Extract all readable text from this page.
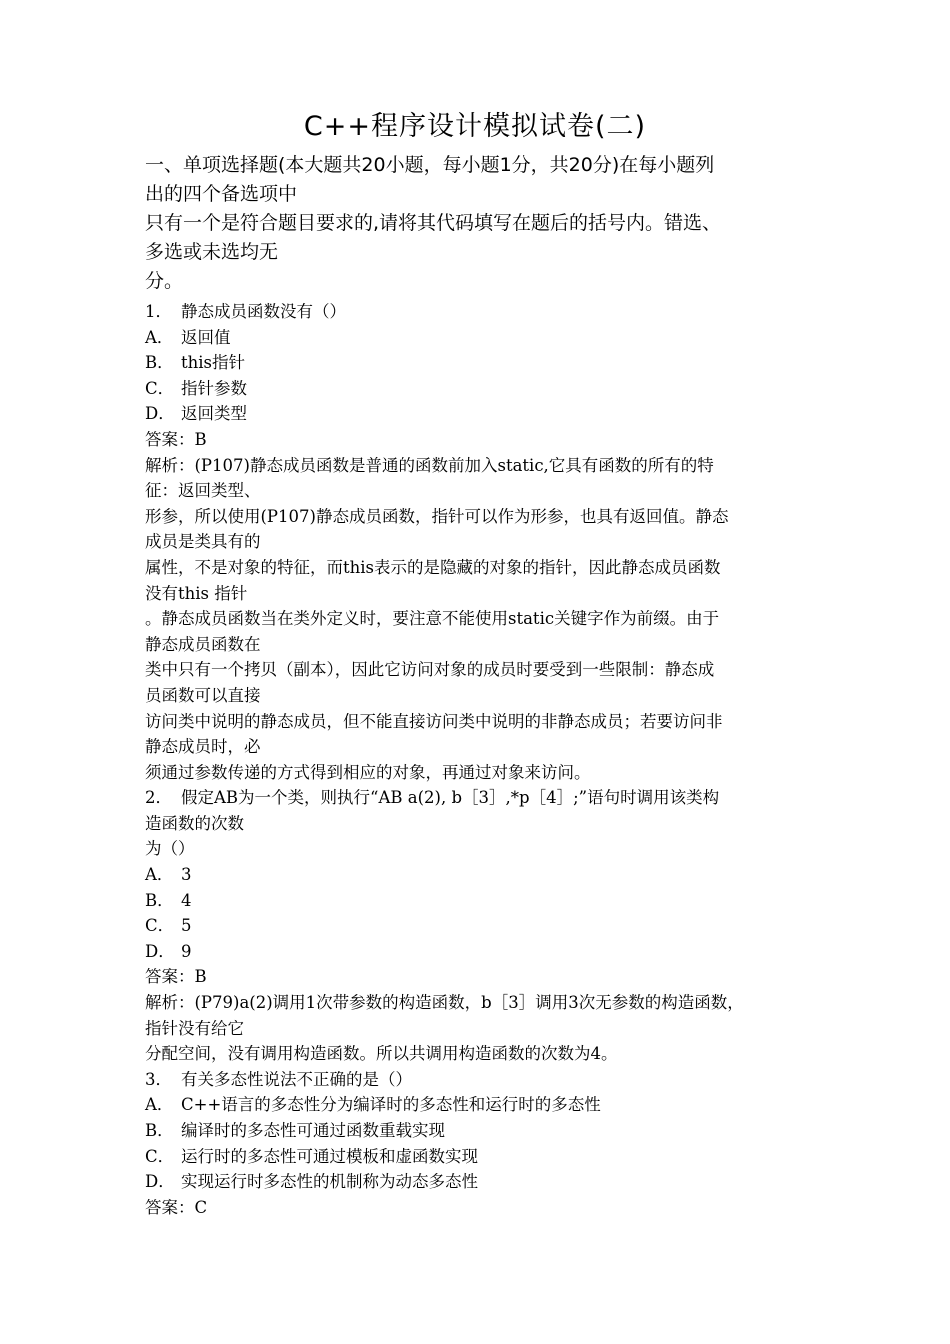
C++程序设计模拟试卷(二)
一、单项选择题(本大题共20小题，每小题1分，共20分)在每小题列
出的四个备选项中
只有一个是符合题目要求的,请将其代码填写在题后的括号内。错选、
多选或未选均无
分。
1． 静态成员函数没有（）
A． 返回值
B． this指针
C． 指针参数
D． 返回类型
答案：B
解析：(P107)静态成员函数是普通的函数前加入static,它具有函数的所有的特
征：返回类型、
形参，所以使用(P107)静态成员函数，指针可以作为形参，也具有返回值。静态
成员是类具有的
属性，不是对象的特征，而this表示的是隐藏的对象的指针，因此静态成员函数
没有this 指针
。静态成员函数当在类外定义时，要注意不能使用static关键字作为前缀。由于
静态成员函数在
类中只有一个拷贝（副本），因此它访问对象的成员时要受到一些限制：静态成
员函数可以直接
访问类中说明的静态成员，但不能直接访问类中说明的非静态成员；若要访问非
静态成员时，必
须通过参数传递的方式得到相应的对象，再通过对象来访问。
2． 假定AB为一个类，则执行“AB a(2), b［3］,*p［4］;”语句时调用该类构
造函数的次数
为（）
A． 3
B． 4
C． 5
D． 9
答案：B
解析：(P79)a(2)调用1次带参数的构造函数，b［3］调用3次无参数的构造函数，
指针没有给它
分配空间，没有调用构造函数。所以共调用构造函数的次数为4。
3． 有关多态性说法不正确的是（）
A． C++语言的多态性分为编译时的多态性和运行时的多态性
B． 编译时的多态性可通过函数重载实现
C． 运行时的多态性可通过模板和虚函数实现
D． 实现运行时多态性的机制称为动态多态性
答案：C
